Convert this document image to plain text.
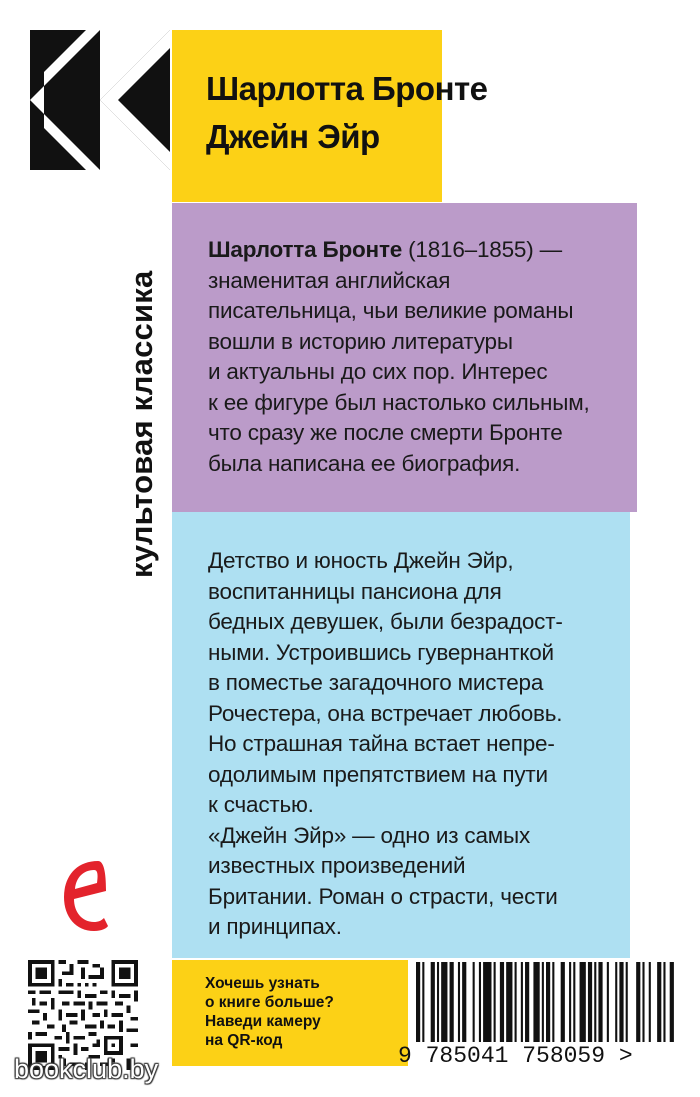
Шарлотта Бронте
Джейн Эйр
культовая классика
Шарлотта Бронте (1816–1855) —
знаменитая английская
писательница, чьи великие романы
вошли в историю литературы
и актуальны до сих пор. Интерес
к ее фигуре был настолько сильным,
что сразу же после смерти Бронте
была написана ее биография.
Детство и юность Джейн Эйр,
воспитанницы пансиона для
бедных девушек, были безрадост-
ными. Устроившись гувернанткой
в поместье загадочного мистера
Рочестера, она встречает любовь.
Но страшная тайна встает непре-
одолимым препятствием на пути
к счастью.
«Джейн Эйр» — одно из самых
известных произведений
Британии. Роман о страсти, чести
и принципах.
Хочешь узнать
о книге больше?
Наведи камеру
на QR-код
9 785041 758059 >
bookclub.by
